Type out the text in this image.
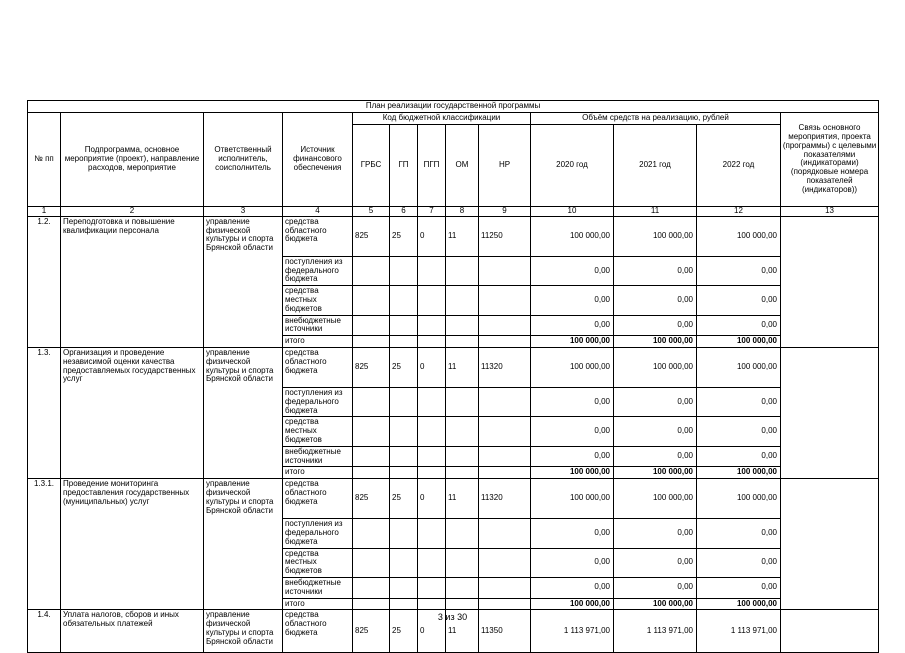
План реализации государственной программы												
№ пп	Подпрограмма, основное мероприятие (проект), направление расходов, мероприятие	Ответственный исполнитель, соисполнитель	Источник финансового обеспечения	Код бюджетной классификации					Объём средств на реализацию, рублей			Связь основного мероприятия, проекта (программы) с целевыми показателями (индикаторами) (порядковые номера показателей (индикаторов))
				ГРБС	ГП	ПГП	ОМ	НР	2020 год	2021 год	2022 год	
1	2	3	4	5	6	7	8	9	10	11	12	13
1.2.	Переподготовка и повышение квалификации персонала	управление физической культуры и спорта Брянской области	средства областного бюджета	825	25	0	11	11250	100 000,00	100 000,00	100 000,00	
			поступления из федерального бюджета						0,00	0,00	0,00	
			средства местных бюджетов						0,00	0,00	0,00	
			внебюджетные источники						0,00	0,00	0,00	
			итого						100 000,00	100 000,00	100 000,00	
1.3.	Организация и проведение независимой оценки качества предоставляемых государственных услуг	управление физической культуры и спорта Брянской области	средства областного бюджета	825	25	0	11	11320	100 000,00	100 000,00	100 000,00	
			поступления из федерального бюджета						0,00	0,00	0,00	
			средства местных бюджетов						0,00	0,00	0,00	
			внебюджетные источники						0,00	0,00	0,00	
			итого						100 000,00	100 000,00	100 000,00	
1.3.1.	Проведение мониторинга предоставления государственных (муниципальных) услуг	управление физической культуры и спорта Брянской области	средства областного бюджета	825	25	0	11	11320	100 000,00	100 000,00	100 000,00	
			поступления из федерального бюджета						0,00	0,00	0,00	
			средства местных бюджетов						0,00	0,00	0,00	
			внебюджетные источники						0,00	0,00	0,00	
			итого						100 000,00	100 000,00	100 000,00	
1.4.	Уплата налогов, сборов и иных обязательных платежей	управление физической культуры и спорта Брянской области	средства областного бюджета	825	25	0	11	11350	1 113 971,00	1 113 971,00	1 113 971,00	
3 из 30
